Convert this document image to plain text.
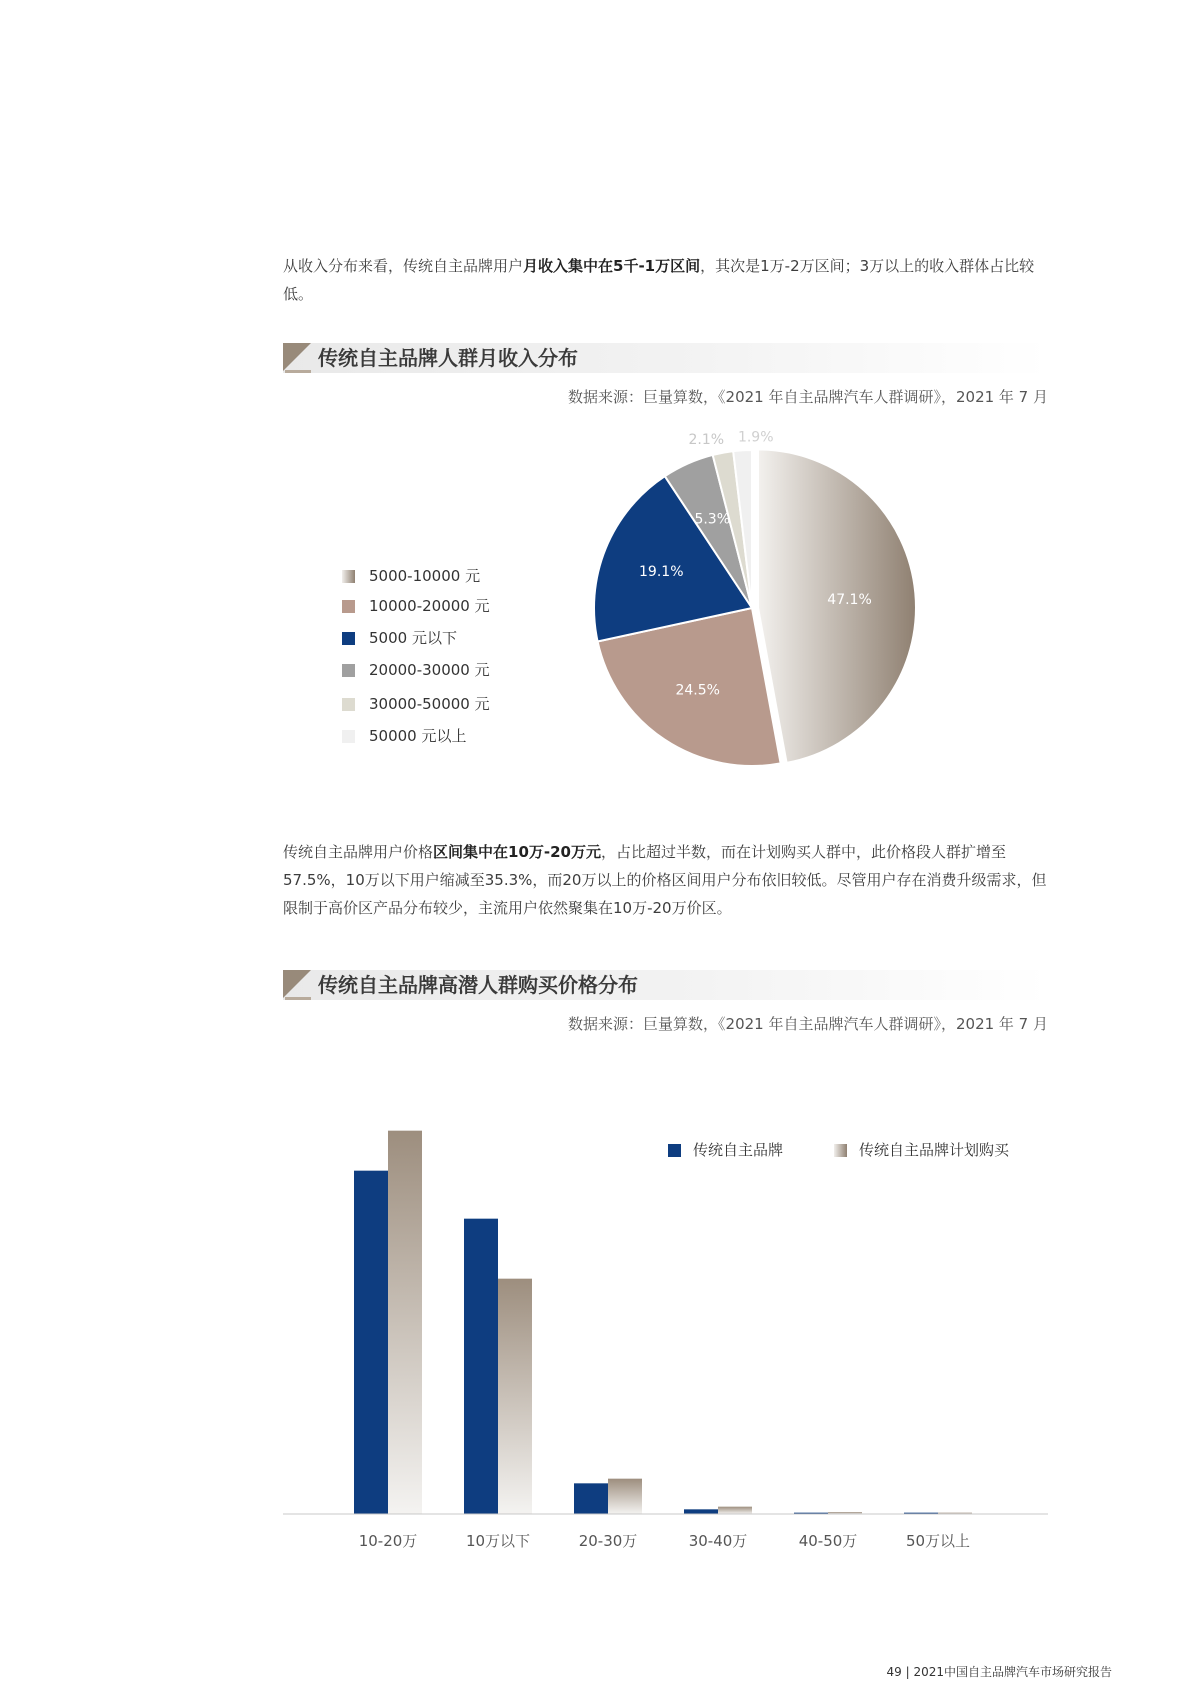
从收入分布来看，传统自主品牌用户月收入集中在5千-1万区间，其次是1万-2万区间；3万以上的收入群体占比较低。

传统自主品牌人群月收入分布
数据来源：巨量算数，《2021 年自主品牌汽车人群调研》，2021 年 7 月
5000-10000 元
10000-20000 元
5000 元以下
20000-30000 元
30000-50000 元
50000 元以上
47.1%
24.5%
19.1%
5.3%
2.1% 1.9%

传统自主品牌用户价格区间集中在10万-20万元，占比超过半数，而在计划购买人群中，此价格段人群扩增至57.5%，10万以下用户缩减至35.3%，而20万以上的价格区间用户分布依旧较低。尽管用户存在消费升级需求，但限制于高价区产品分布较少，主流用户依然聚集在10万-20万价区。

传统自主品牌高潜人群购买价格分布
数据来源：巨量算数，《2021 年自主品牌汽车人群调研》，2021 年 7 月
传统自主品牌	传统自主品牌计划购买
10-20万	10万以下	20-30万	30-40万	40-50万	50万以上
49 | 2021中国自主品牌汽车市场研究报告
